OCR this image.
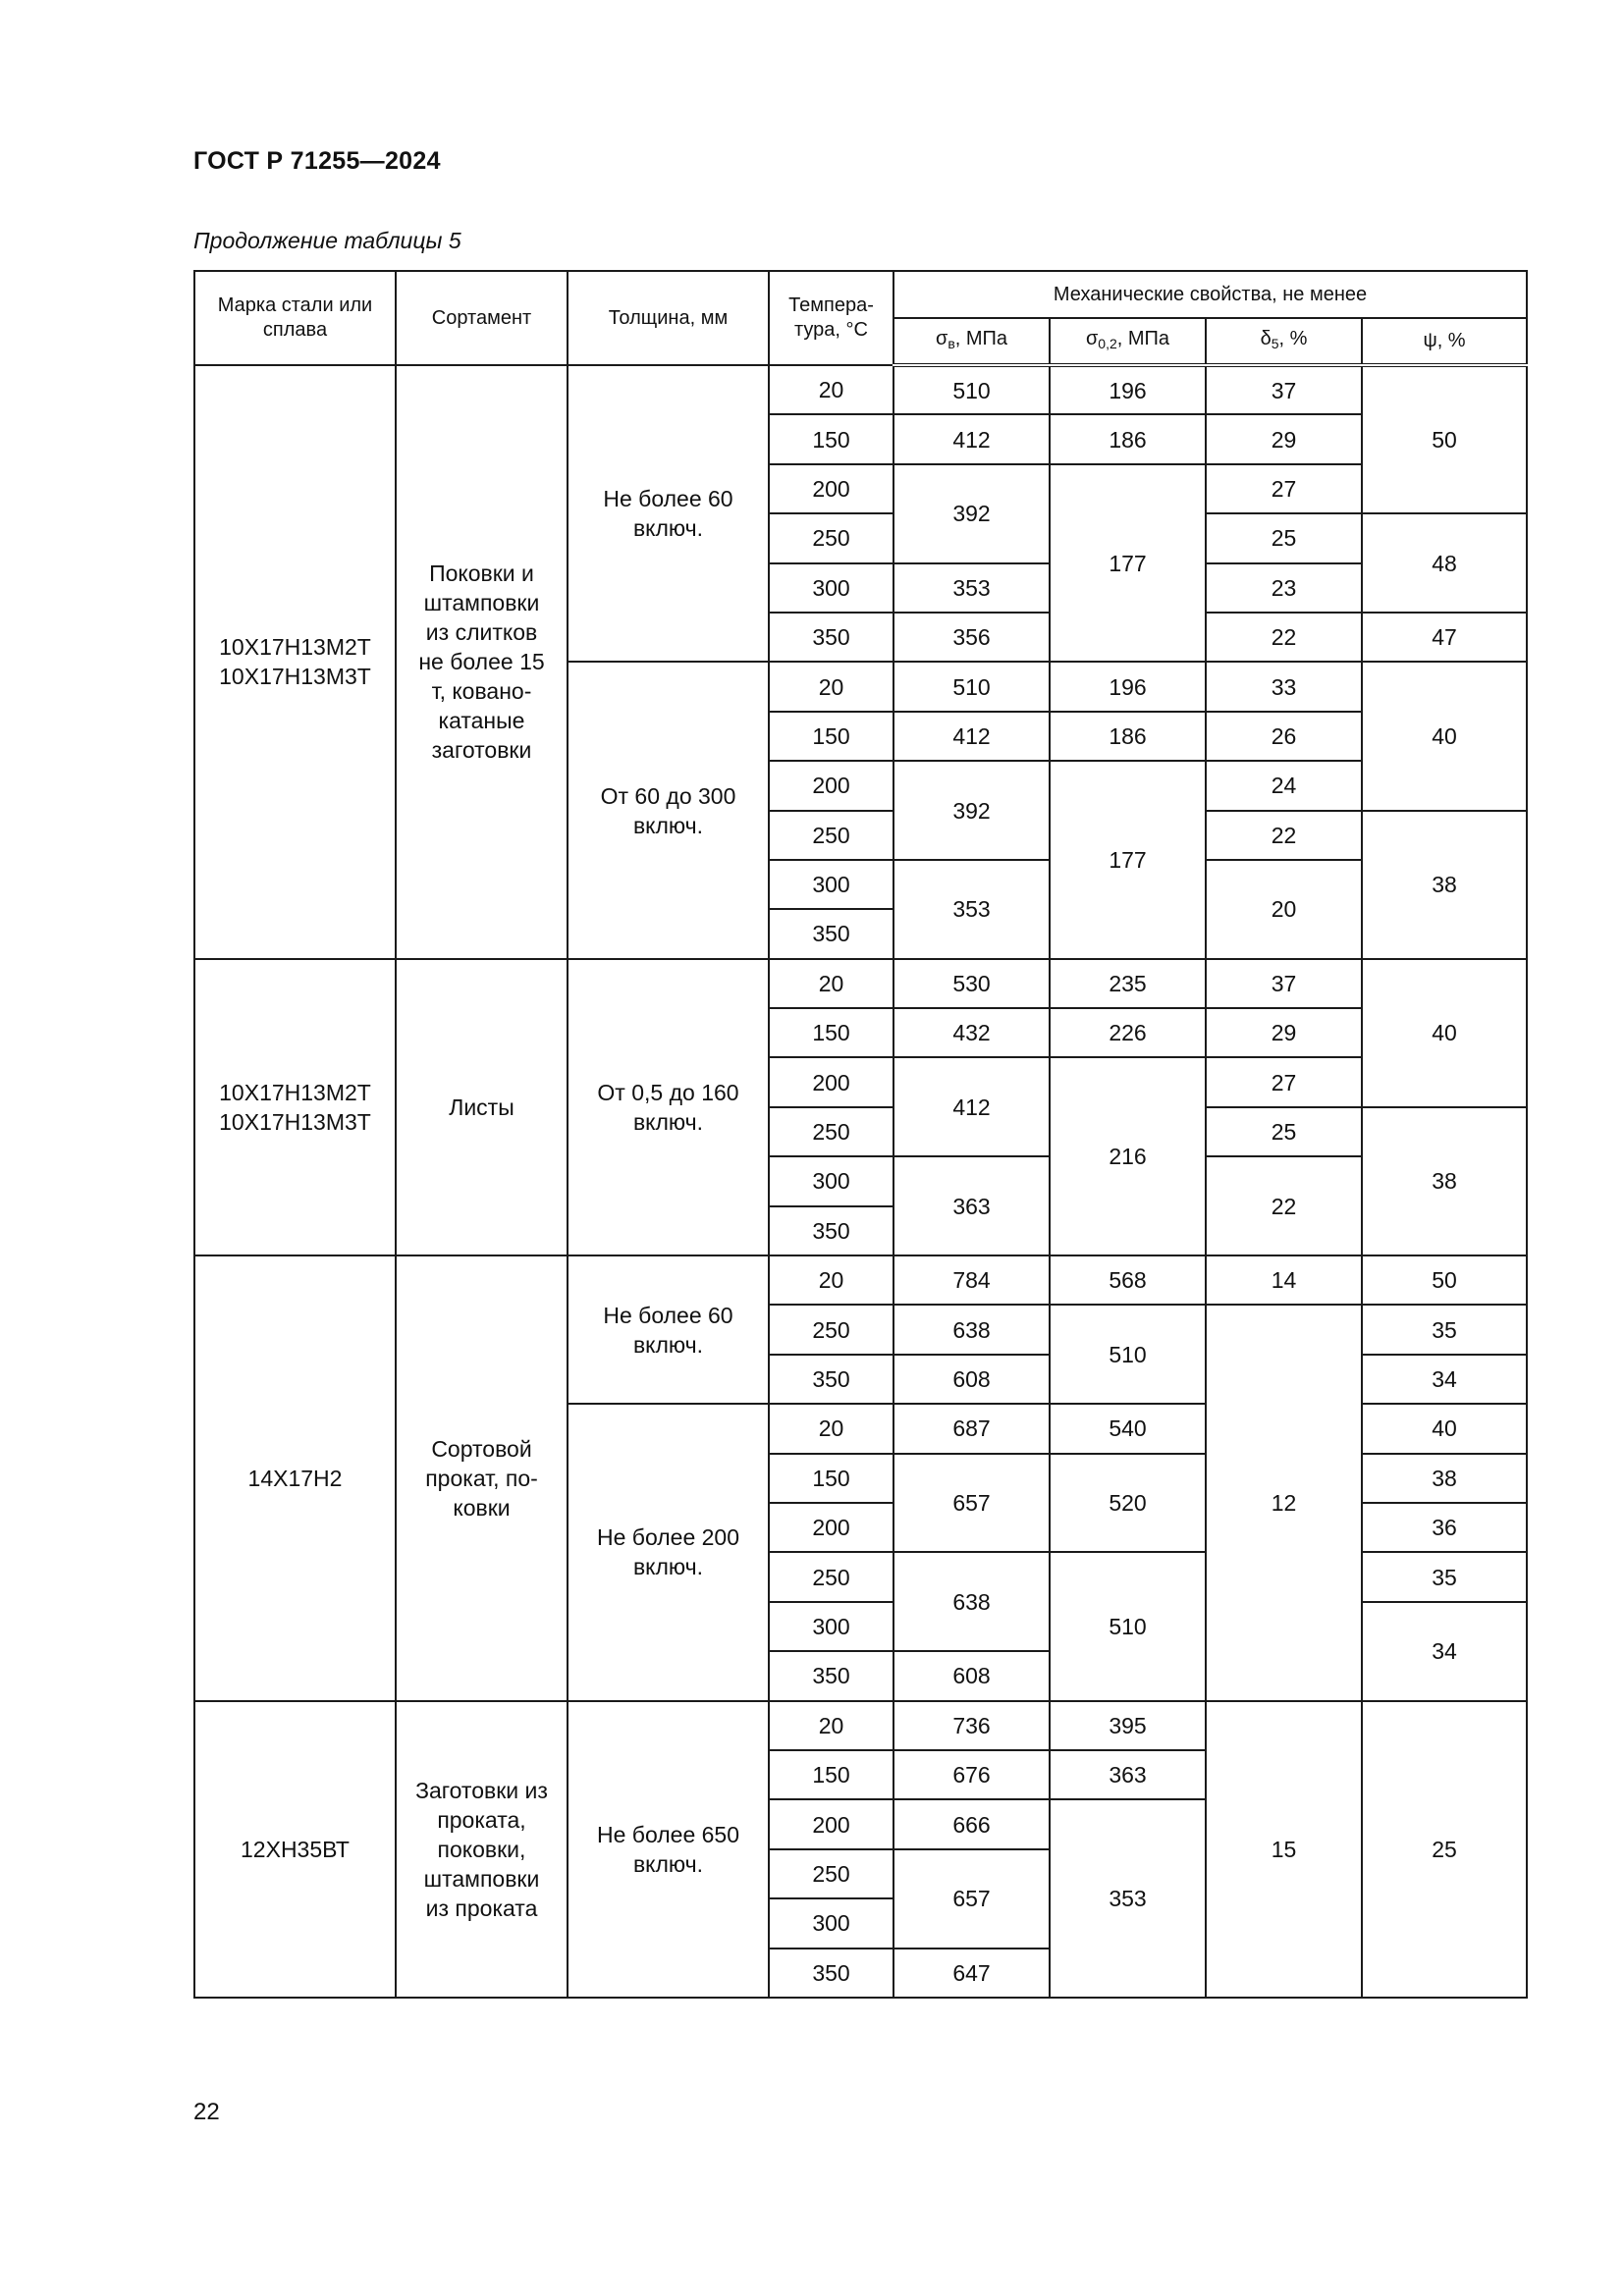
ГОСТ Р 71255—2024
Продолжение таблицы 5
Марка стали или сплава	Сортамент	Толщина, мм	Темпера-тура, °С	Механические свойства, не менее			
				$\sigma_в$, МПа	$\sigma_{0,2}$, МПа	$\delta_5$, %	ψ, %
10Х17Н13М2Т 10Х17Н13М3Т	Поковки и штамповки из слитков не более 15 т, ковано-катаные заготовки	Не более 60 включ.	20	510	196	37	50
			150	412	186	29	
			200	392	177	27	
			250			25	48
			300	353		23	
			350	356		22	47
		От 60 до 300 включ.	20	510	196	33	40
			150	412	186	26	
			200	392	177	24	
			250			22	38
			300	353		20	
			350				
10Х17Н13М2Т 10Х17Н13М3Т	Листы	От 0,5 до 160 включ.	20	530	235	37	40
			150	432	226	29	
			200	412	216	27	
			250			25	38
			300	363		22	
			350				
14Х17Н2	Сортовой прокат, по-ковки	Не более 60 включ.	20	784	568	14	50
			250	638	510	12	35
			350	608			34
		Не более 200 включ.	20	687	540		40
			150	657	520		38
			200				36
			250	638	510		35
			300				34
			350	608			
12ХН35ВТ	Заготовки из проката, поковки, штамповки из проката	Не более 650 включ.	20	736	395	15	25
			150	676	363		
			200	666	353		
			250	657			
			300				
			350	647			
22
